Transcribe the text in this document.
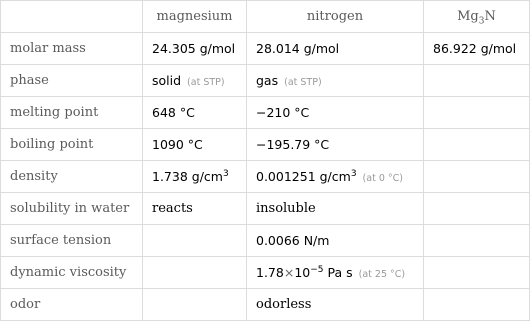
	magnesium	nitrogen	$Mg_3N$
molar mass	24.305 g/mol	28.014 g/mol	86.922 g/mol
phase	solid (at STP)	gas (at STP)	
melting point	648 °C	−210 °C	
boiling point	1090 °C	−195.79 °C	
density	1.738 $g/cm^3$	0.001251 $g/cm^3$ (at 0 °C)	
solubility in water	reacts	insoluble	
surface tension		0.0066 N/m	
dynamic viscosity		$1.78\times 10^{-5}$ Pa s (at 25 °C)	
odor		odorless	
